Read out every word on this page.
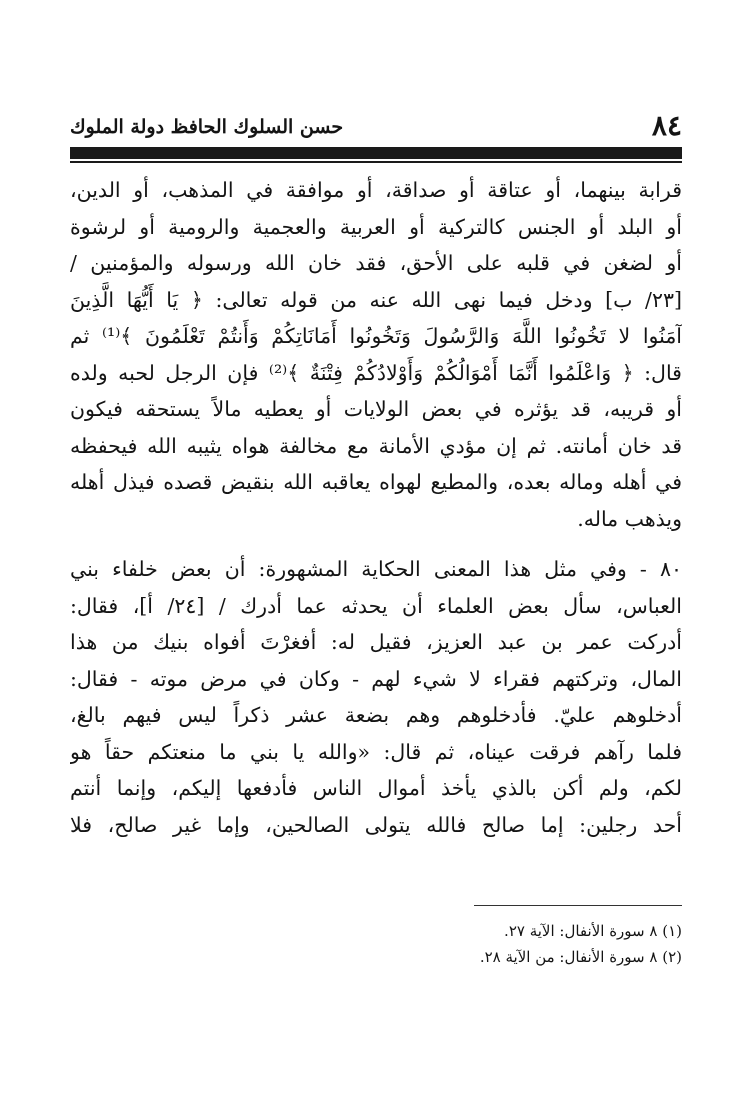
٨٤
حسن السلوك الحافظ دولة الملوك
قرابة بينهما، أو عتاقة أو صداقة، أو موافقة في المذهب، أو الدين،
أو البلد أو الجنس كالتركية أو العربية والعجمية والرومية أو لرشوة
أو لضغن في قلبه على الأحق، فقد خان الله ورسوله والمؤمنين /
[٢٣/ ب] ودخل فيما نهى الله عنه من قوله تعالى: ﴿ يَا أَيُّهَا الَّذِينَ
آمَنُوا لا تَخُونُوا اللَّهَ وَالرَّسُولَ وَتَخُونُوا أَمَانَاتِكُمْ وَأَنتُمْ تَعْلَمُونَ ﴾⁽¹⁾ ثم
قال: ﴿ وَاعْلَمُوا أَنَّمَا أَمْوَالُكُمْ وَأَوْلادُكُمْ فِتْنَةٌ ﴾⁽²⁾ فإن الرجل لحبه ولده
أو قريبه، قد يؤثره في بعض الولايات أو يعطيه مالاً يستحقه فيكون
قد خان أمانته. ثم إن مؤدي الأمانة مع مخالفة هواه يثيبه الله فيحفظه
في أهله وماله بعده، والمطيع لهواه يعاقبه الله بنقيض قصده فيذل أهله
ويذهب ماله.
٨٠ - وفي مثل هذا المعنى الحكاية المشهورة: أن بعض خلفاء بني
العباس، سأل بعض العلماء أن يحدثه عما أدرك / [٢٤/ أ]، فقال:
أدركت عمر بن عبد العزيز، فقيل له: أفغرْتَ أفواه بنيك من هذا
المال، وتركتهم فقراء لا شيء لهم - وكان في مرض موته - فقال:
أدخلوهم عليّ. فأدخلوهم وهم بضعة عشر ذكراً ليس فيهم بالغ،
فلما رآهم فرقت عيناه، ثم قال: «والله يا بني ما منعتكم حقاً هو
لكم، ولم أكن بالذي يأخذ أموال الناس فأدفعها إليكم، وإنما أنتم
أحد رجلين: إما صالح فالله يتولى الصالحين، وإما غير صالح، فلا
(١) ٨ سورة الأنفال: الآية ٢٧.
(٢) ٨ سورة الأنفال: من الآية ٢٨.
